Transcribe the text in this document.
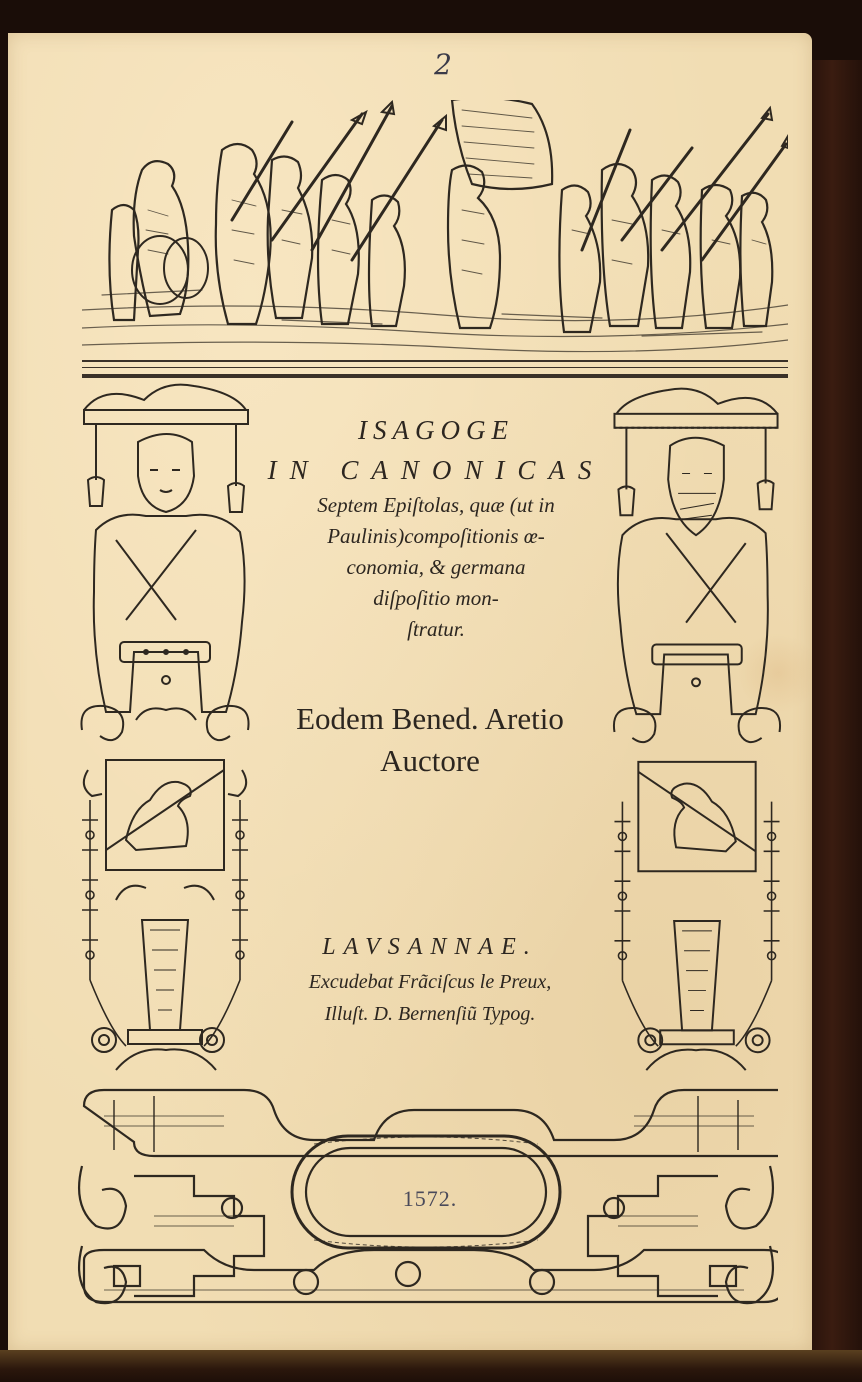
2
ISAGOGE
IN CANONICAS
Septem Epiſtolas, quæ (ut in
Paulinis)compoſitionis œ-
conomia, & germana
diſpoſitio mon-
ſtratur.
Eodem Bened. Aretio
Auctore
LAVSANNAE.
Excudebat Frãciſcus le Preux,
Illuſt. D. Bernenſiũ Typog.
1572.
